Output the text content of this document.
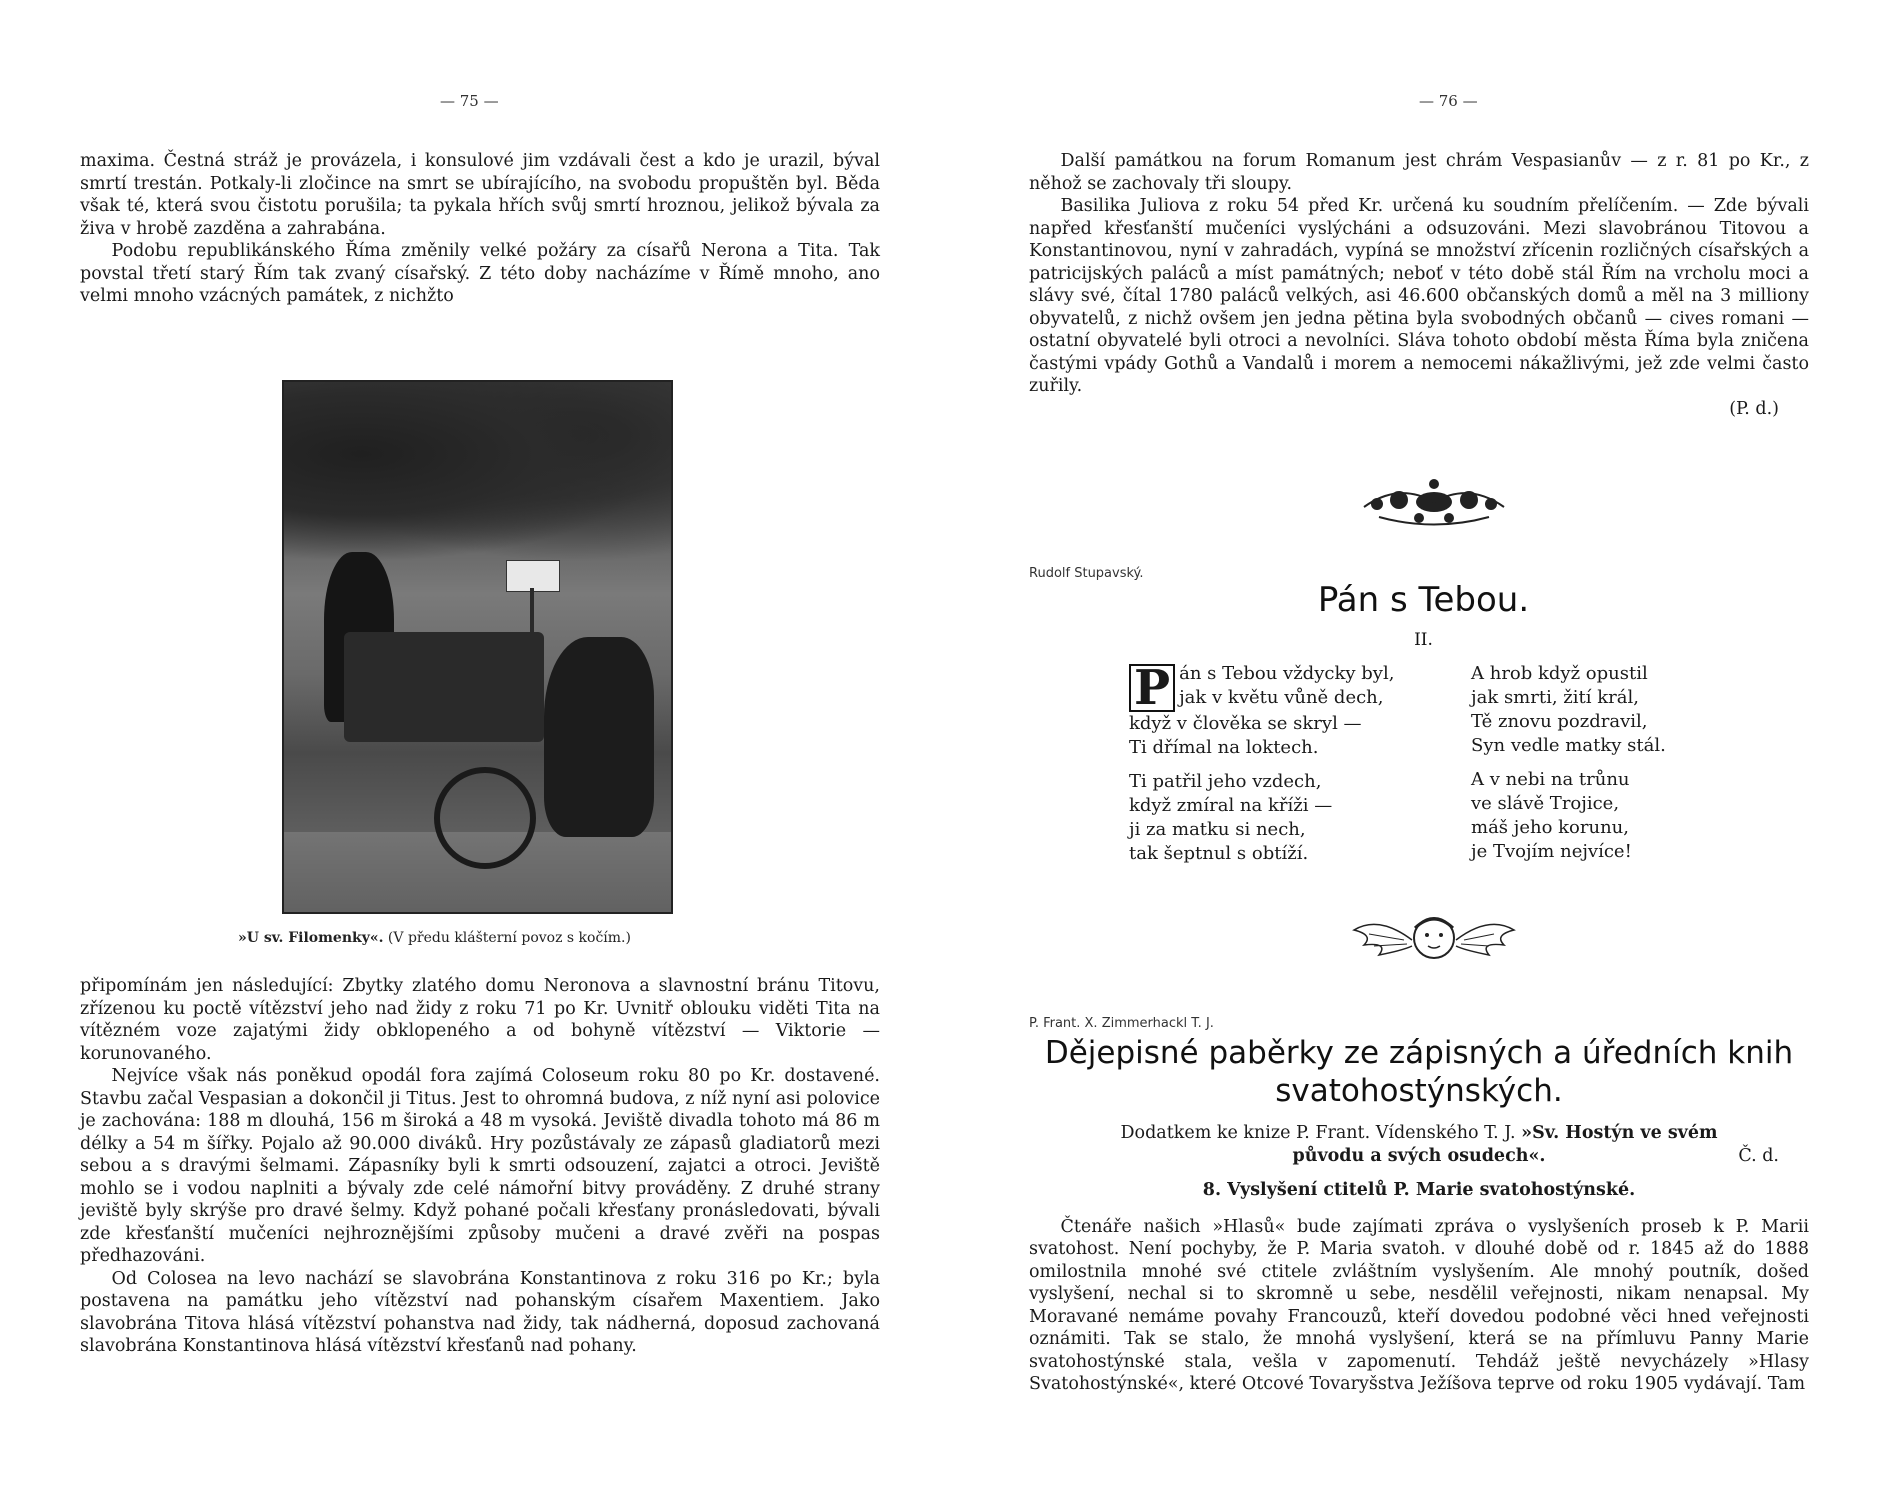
— 75 —

maxima. Čestná stráž je provázela, i konsulové jim vzdávali čest a kdo je urazil, býval smrtí trestán. Potkaly-li zločince na smrt se ubírajícího, na svobodu propuštěn byl. Běda však té, která svou čistotu porušila; ta pykala hřích svůj smrtí hroznou, jelikož bývala za živa v hrobě zazděna a zahrabána.

Podobu republikánského Říma změnily velké požáry za císařů Nerona a Tita. Tak povstal třetí starý Řím tak zvaný císařský. Z této doby nacházíme v Římě mnoho, ano velmi mnoho vzácných památek, z nichžto

»U sv. Filomenky«. (V předu klášterní povoz s kočím.)

připomínám jen následující: Zbytky zlatého domu Neronova a slavnostní bránu Titovu, zřízenou ku poctě vítězství jeho nad židy z roku 71 po Kr. Uvnitř oblouku viděti Tita na vítězném voze zajatými židy obklopeného a od bohyně vítězství — Viktorie — korunovaného.

Nejvíce však nás poněkud opodál fora zajímá Coloseum roku 80 po Kr. dostavené. Stavbu začal Vespasian a dokončil ji Titus. Jest to ohromná budova, z níž nyní asi polovice je zachována: 188 m dlouhá, 156 m široká a 48 m vysoká. Jeviště divadla tohoto má 86 m délky a 54 m šířky. Pojalo až 90.000 diváků. Hry pozůstávaly ze zápasů gladiatorů mezi sebou a s dravými šelmami. Zápasníky byli k smrti odsouzení, zajatci a otroci. Jeviště mohlo se i vodou naplniti a bývaly zde celé námořní bitvy prováděny. Z druhé strany jeviště byly skrýše pro dravé šelmy. Když pohané počali křesťany pronásledovati, bývali zde křesťanští mučeníci nejhroznějšími způsoby mučeni a dravé zvěři na pospas předhazováni.

Od Colosea na levo nachází se slavobrána Konstantinova z roku 316 po Kr.; byla postavena na památku jeho vítězství nad pohanským císařem Maxentiem. Jako slavobrána Titova hlásá vítězství pohanstva nad židy, tak nádherná, doposud zachovaná slavobrána Konstantinova hlásá vítězství křesťanů nad pohany.

— 76 —

Další památkou na forum Romanum jest chrám Vespasianův — z r. 81 po Kr., z něhož se zachovaly tři sloupy.

Basilika Juliova z roku 54 před Kr. určená ku soudním přelíčením. — Zde bývali napřed křesťanští mučeníci vyslýcháni a odsuzováni. Mezi slavobránou Titovou a Konstantinovou, nyní v zahradách, vypíná se množství zřícenin rozličných císařských a patricijských paláců a míst památných; neboť v této době stál Řím na vrcholu moci a slávy své, čítal 1780 paláců velkých, asi 46.600 občanských domů a měl na 3 milliony obyvatelů, z nichž ovšem jen jedna pětina byla svobodných občanů — cives romani — ostatní obyvatelé byli otroci a nevolníci. Sláva tohoto období města Říma byla zničena častými vpády Gothů a Vandalů i morem a nemocemi nákažlivými, jež zde velmi často zuřily.

(P. d.)
Rudolf Stupavský.
Pán s Tebou.
II.
P án s Tebou vždycky byl,
jak v květu vůně dech,
když v člověka se skryl —
Ti dřímal na loktech.
Ti patřil jeho vzdech,
když zmíral na kříži —
ji za matku si nech,
tak šeptnul s obtíží.
A hrob když opustil
jak smrti, žití král,
Tě znovu pozdravil,
Syn vedle matky stál.
A v nebi na trůnu
ve slávě Trojice,
máš jeho korunu,
je Tvojím nejvíce!
P. Frant. X. Zimmerhackl T. J.
Dějepisné paběrky ze zápisných a úředních knih
svatohostýnských.
Dodatkem ke knize P. Frant. Vídenského T. J. »Sv. Hostýn ve svém
původu a svých osudech«.	Č. d.
8. Vyslyšení ctitelů P. Marie svatohostýnské.

Čtenáře našich »Hlasů« bude zajímati zpráva o vyslyšeních proseb k P. Marii svatohost. Není pochyby, že P. Maria svatoh. v dlouhé době od r. 1845 až do 1888 omilostnila mnohé své ctitele zvláštním vyslyšením. Ale mnohý poutník, došed vyslyšení, nechal si to skromně u sebe, nesdělil veřejnosti, nikam nenapsal. My Moravané nemáme povahy Francouzů, kteří dovedou podobné věci hned veřejnosti oznámiti. Tak se stalo, že mnohá vyslyšení, která se na přímluvu Panny Marie svatohostýnské stala, vešla v zapomenutí. Tehdáž ještě nevycházely »Hlasy Svatohostýnské«, které Otcové Tovaryšstva Ježíšova teprve od roku 1905 vydávají. Tam
